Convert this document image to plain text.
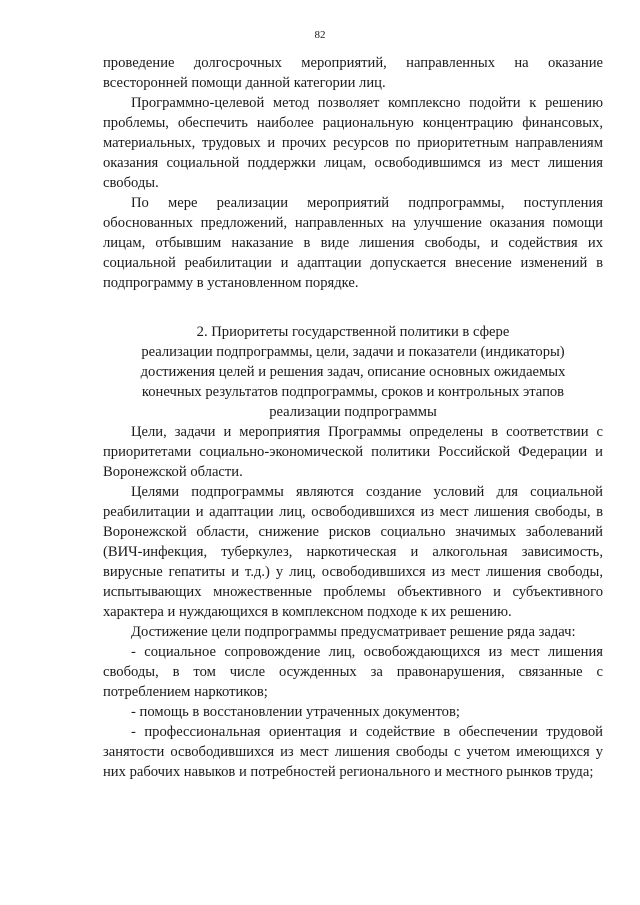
82

проведение долгосрочных мероприятий, направленных на оказание всесторонней помощи данной категории лиц.

Программно-целевой метод позволяет комплексно подойти к решению проблемы, обеспечить наиболее рациональную концентрацию финансовых, материальных, трудовых и прочих ресурсов по приоритетным направлениям оказания социальной поддержки лицам, освободившимся из мест лишения свободы.

По мере реализации мероприятий подпрограммы, поступления обоснованных предложений, направленных на улучшение оказания помощи лицам, отбывшим наказание в виде лишения свободы, и содействия их социальной реабилитации и адаптации допускается внесение изменений в подпрограмму в установленном порядке.

2. Приоритеты государственной политики в сфере
реализации подпрограммы, цели, задачи и показатели (индикаторы)
достижения целей и решения задач, описание основных ожидаемых
конечных результатов подпрограммы, сроков и контрольных этапов
реализации подпрограммы

Цели, задачи и мероприятия Программы определены в соответствии с приоритетами социально-экономической политики Российской Федерации и Воронежской области.

Целями подпрограммы являются создание условий для социальной реабилитации и адаптации лиц, освободившихся из мест лишения свободы, в Воронежской области, снижение рисков социально значимых заболеваний (ВИЧ-инфекция, туберкулез, наркотическая и алкогольная зависимость, вирусные гепатиты и т.д.) у лиц, освободившихся из мест лишения свободы, испытывающих множественные проблемы объективного и субъективного характера и нуждающихся в комплексном подходе к их решению.

Достижение цели подпрограммы предусматривает решение ряда задач:

- социальное сопровождение лиц, освобождающихся из мест лишения свободы, в том числе осужденных за правонарушения, связанные с потреблением наркотиков;

- помощь в восстановлении утраченных документов;

- профессиональная ориентация и содействие в обеспечении трудовой занятости освободившихся из мест лишения свободы с учетом имеющихся у них рабочих навыков и потребностей регионального и местного рынков труда;
